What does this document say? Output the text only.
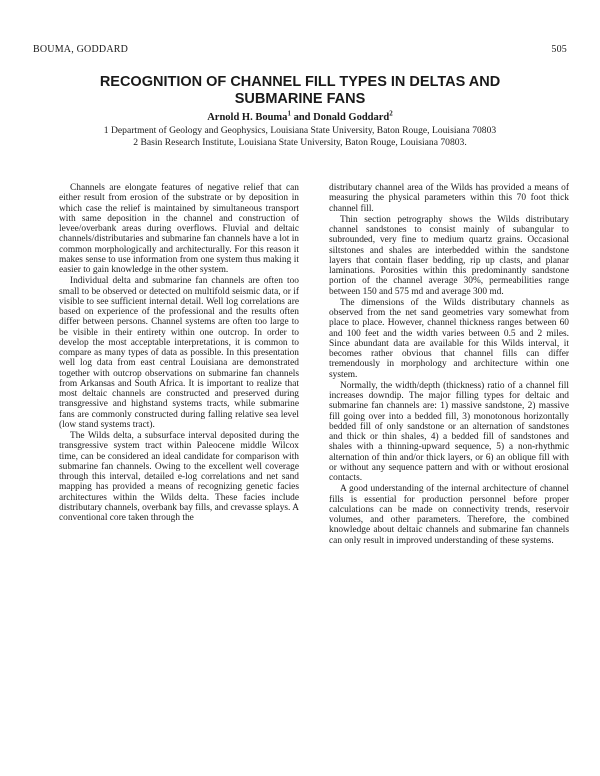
BOUMA, GODDARD	505
RECOGNITION OF CHANNEL FILL TYPES IN DELTAS AND SUBMARINE FANS
Arnold H. Bouma$^1$ and Donald Goddard$^2$
1 Department of Geology and Geophysics, Louisiana State University, Baton Rouge, Louisiana 70803
2 Basin Research Institute, Louisiana State University, Baton Rouge, Louisiana 70803.

Channels are elongate features of negative relief that can either result from erosion of the substrate or by deposition in which case the relief is maintained by simultaneous transport with same deposition in the channel and construction of levee/overbank areas during overflows. Fluvial and deltaic channels/distributaries and submarine fan channels have a lot in common morphologically and architecturally. For this reason it makes sense to use information from one system thus making it easier to gain knowledge in the other system.

Individual delta and submarine fan channels are often too small to be observed or detected on multifold seismic data, or if visible to see sufficient internal detail. Well log correlations are based on experience of the professional and the results often differ between persons. Channel systems are often too large to be visible in their entirety within one outcrop. In order to develop the most acceptable interpretations, it is common to compare as many types of data as possible. In this presentation well log data from east central Louisiana are demonstrated together with outcrop observations on submarine fan channels from Arkansas and South Africa. It is important to realize that most deltaic channels are constructed and preserved during transgressive and highstand systems tracts, while submarine fans are commonly constructed during falling relative sea level (low stand systems tract).

The Wilds delta, a subsurface interval deposited during the transgressive system tract within Paleocene middle Wilcox time, can be considered an ideal candidate for comparison with submarine fan channels. Owing to the excellent well coverage through this interval, detailed e-log correlations and net sand mapping has provided a means of recognizing genetic facies architectures within the Wilds delta. These facies include distributary channels, overbank bay fills, and crevasse splays. A conventional core taken through the

distributary channel area of the Wilds has provided a means of measuring the physical parameters within this 70 foot thick channel fill.

Thin section petrography shows the Wilds distributary channel sandstones to consist mainly of subangular to subrounded, very fine to medium quartz grains. Occasional siltstones and shales are interbedded within the sandstone layers that contain flaser bedding, rip up clasts, and planar laminations. Porosities within this predominantly sandstone portion of the channel average 30%, permeabilities range between 150 and 575 md and average 300 md.

The dimensions of the Wilds distributary channels as observed from the net sand geometries vary somewhat from place to place. However, channel thickness ranges between 60 and 100 feet and the width varies between 0.5 and 2 miles. Since abundant data are available for this Wilds interval, it becomes rather obvious that channel fills can differ tremendously in morphology and architecture within one system.

Normally, the width/depth (thickness) ratio of a channel fill increases downdip. The major filling types for deltaic and submarine fan channels are: 1) massive sandstone, 2) massive fill going over into a bedded fill, 3) monotonous horizontally bedded fill of only sandstone or an alternation of sandstones and thick or thin shales, 4) a bedded fill of sandstones and shales with a thinning-upward sequence, 5) a non-rhythmic alternation of thin and/or thick layers, or 6) an oblique fill with or without any sequence pattern and with or without erosional contacts.

A good understanding of the internal architecture of channel fills is essential for production personnel before proper calculations can be made on connectivity trends, reservoir volumes, and other parameters. Therefore, the combined knowledge about deltaic channels and submarine fan channels can only result in improved understanding of these systems.
